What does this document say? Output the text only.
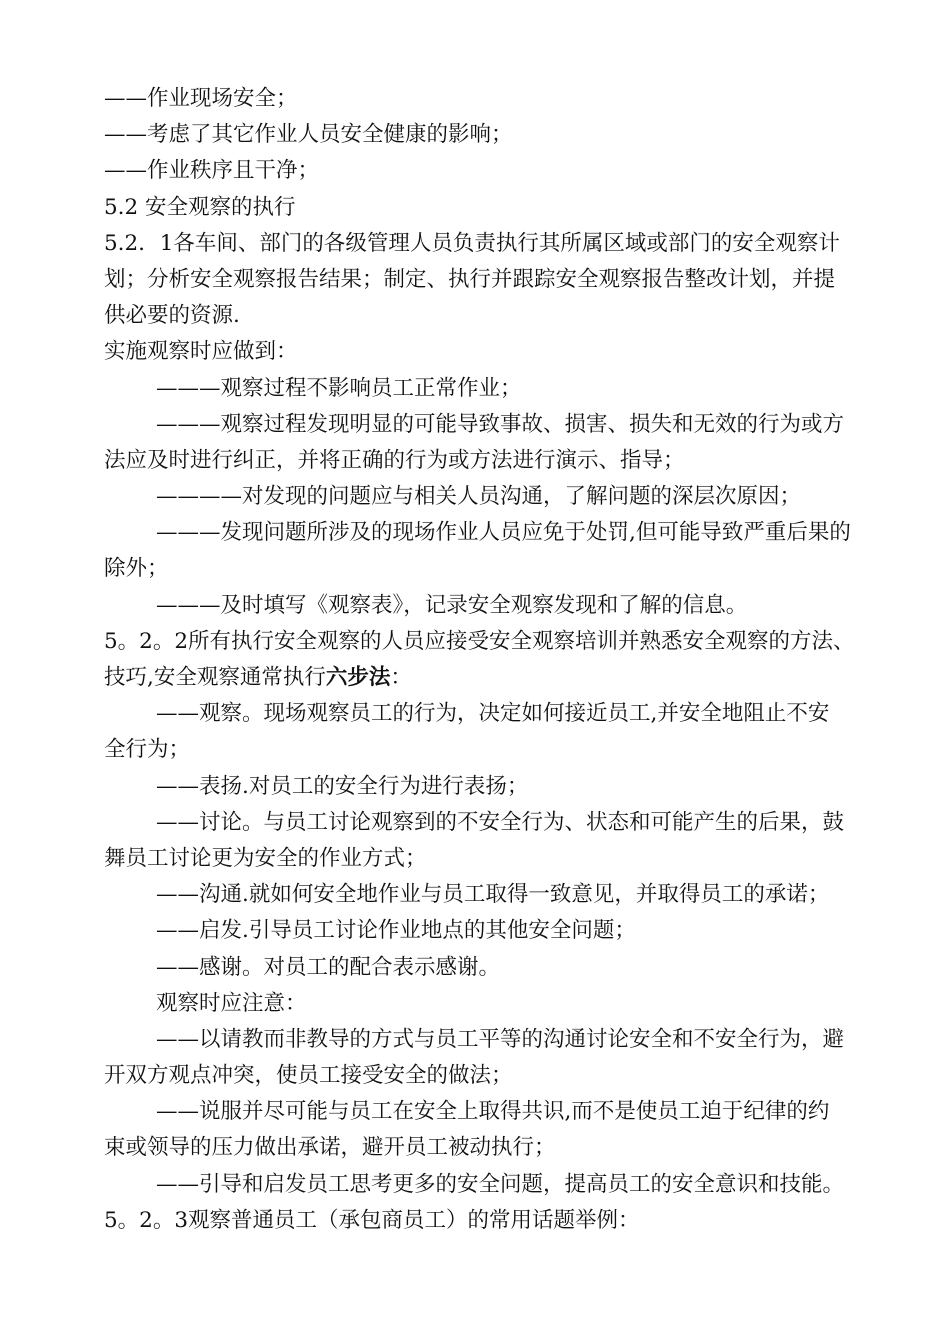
——作业现场安全；
——考虑了其它作业人员安全健康的影响；
——作业秩序且干净；
5.2 安全观察的执行
5.2．1各车间、部门的各级管理人员负责执行其所属区域或部门的安全观察计
划；分析安全观察报告结果；制定、执行并跟踪安全观察报告整改计划，并提
供必要的资源.
实施观察时应做到：
———观察过程不影响员工正常作业；
———观察过程发现明显的可能导致事故、损害、损失和无效的行为或方
法应及时进行纠正，并将正确的行为或方法进行演示、指导；
————对发现的问题应与相关人员沟通，了解问题的深层次原因；
———发现问题所涉及的现场作业人员应免于处罚,但可能导致严重后果的
除外；
———及时填写《观察表》，记录安全观察发现和了解的信息。
5。2。2所有执行安全观察的人员应接受安全观察培训并熟悉安全观察的方法、
技巧,安全观察通常执行六步法：
——观察。现场观察员工的行为，决定如何接近员工,并安全地阻止不安
全行为；
——表扬.对员工的安全行为进行表扬；
——讨论。与员工讨论观察到的不安全行为、状态和可能产生的后果，鼓
舞员工讨论更为安全的作业方式；
——沟通.就如何安全地作业与员工取得一致意见，并取得员工的承诺；
——启发.引导员工讨论作业地点的其他安全问题；
——感谢。对员工的配合表示感谢。
观察时应注意：
——以请教而非教导的方式与员工平等的沟通讨论安全和不安全行为，避
开双方观点冲突，使员工接受安全的做法；
——说服并尽可能与员工在安全上取得共识,而不是使员工迫于纪律的约
束或领导的压力做出承诺，避开员工被动执行；
——引导和启发员工思考更多的安全问题，提高员工的安全意识和技能。
5。2。3观察普通员工（承包商员工）的常用话题举例：
